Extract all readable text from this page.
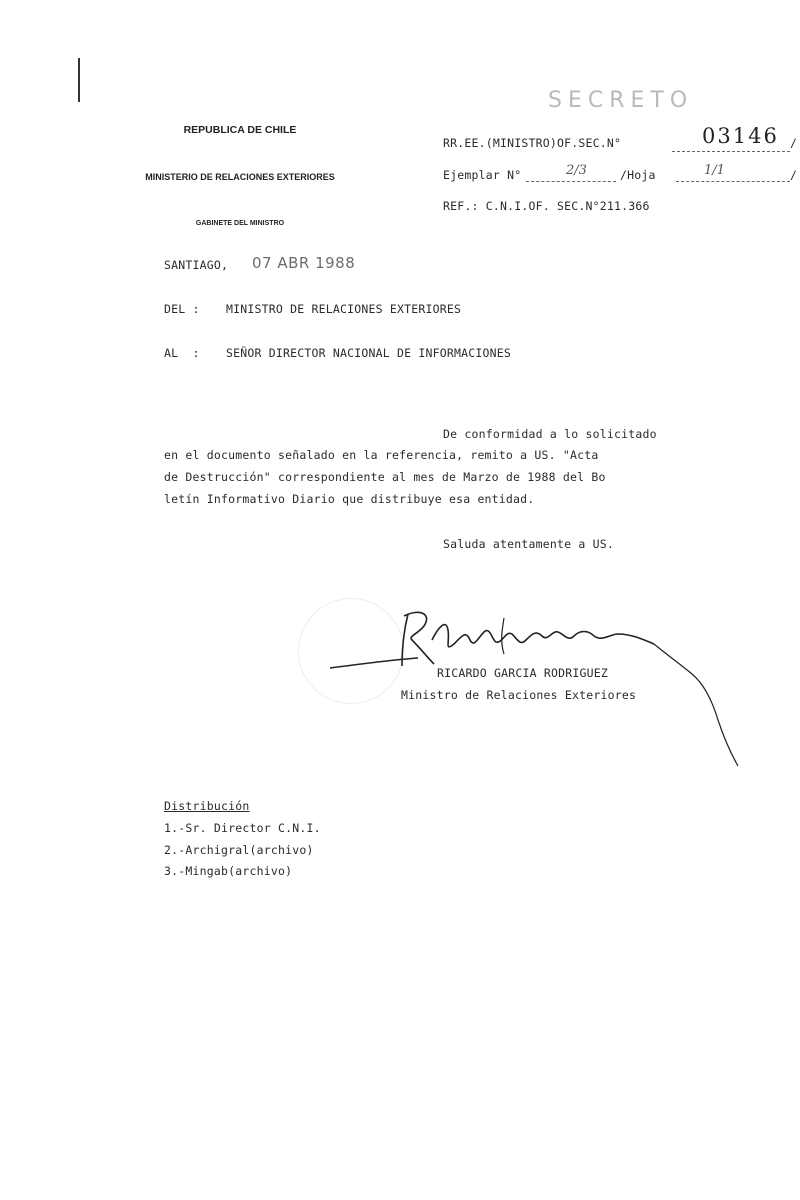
REPUBLICA DE CHILE

MINISTERIO DE RELACIONES EXTERIORES

GABINETE DEL MINISTRO

SECRETO
RR.EE.(MINISTRO)OF.SEC.N°	03146 /
Ejemplar N°	2/3	/Hoja	1/1	/
REF.: C.N.I.OF. SEC.N°211.366
SANTIAGO, 07 ABR 1988
DEL : MINISTRO DE RELACIONES EXTERIORES
AL  : SEÑOR DIRECTOR NACIONAL DE INFORMACIONES
De conformidad a lo solicitado
en el documento señalado en la referencia, remito a US. "Acta
de Destrucción" correspondiente al mes de Marzo de 1988 del Bo
letín Informativo Diario que distribuye esa entidad.
Saluda atentamente a US.
RICARDO GARCIA RODRIGUEZ
Ministro de Relaciones Exteriores
Distribución
1.-Sr. Director C.N.I.
2.-Archigral(archivo)
3.-Mingab(archivo)
